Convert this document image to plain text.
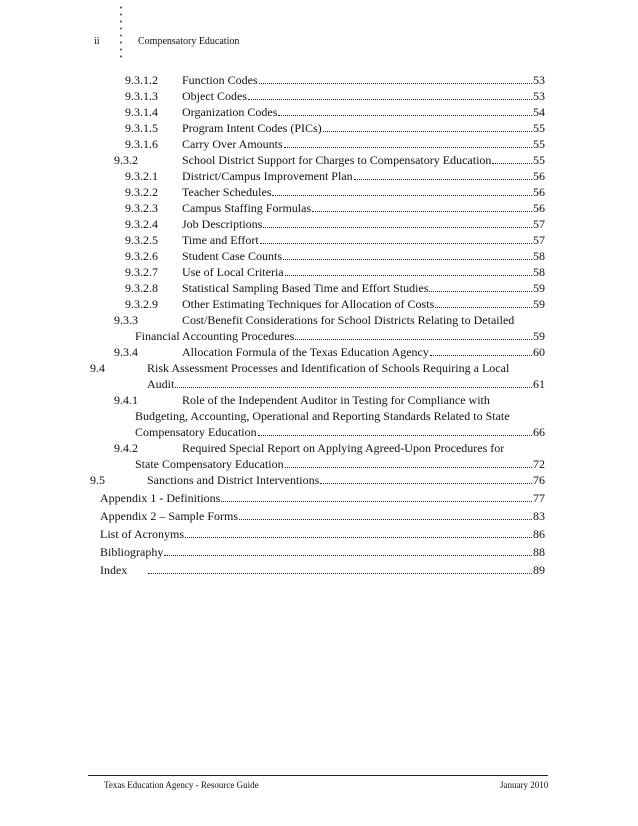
ii	Compensatory Education
9.3.1.2	Function Codes	53
9.3.1.3	Object Codes	53
9.3.1.4	Organization Codes	54
9.3.1.5	Program Intent Codes (PICs)	55
9.3.1.6	Carry Over Amounts	55
9.3.2	School District Support for Charges to Compensatory Education	55
9.3.2.1	District/Campus Improvement Plan	56
9.3.2.2	Teacher Schedules	56
9.3.2.3	Campus Staffing Formulas	56
9.3.2.4	Job Descriptions	57
9.3.2.5	Time and Effort	57
9.3.2.6	Student Case Counts	58
9.3.2.7	Use of Local Criteria	58
9.3.2.8	Statistical Sampling Based Time and Effort Studies	59
9.3.2.9	Other Estimating Techniques for Allocation of Costs	59
9.3.3	Cost/Benefit Considerations for School Districts Relating to Detailed
Financial Accounting Procedures	59
9.3.4	Allocation Formula of the Texas Education Agency	60
9.4	Risk Assessment Processes and Identification of Schools Requiring a Local
Audit	61
9.4.1	Role of the Independent Auditor in Testing for Compliance with
Budgeting, Accounting, Operational and Reporting Standards Related to State
Compensatory Education	66
9.4.2	Required Special Report on Applying Agreed-Upon Procedures for
State Compensatory Education	72
9.5	Sanctions and District Interventions	76
Appendix 1 - Definitions	77
Appendix 2 – Sample Forms	83
List of Acronyms	86
Bibliography	88
Index	89
Texas Education Agency - Resource Guide	January 2010
